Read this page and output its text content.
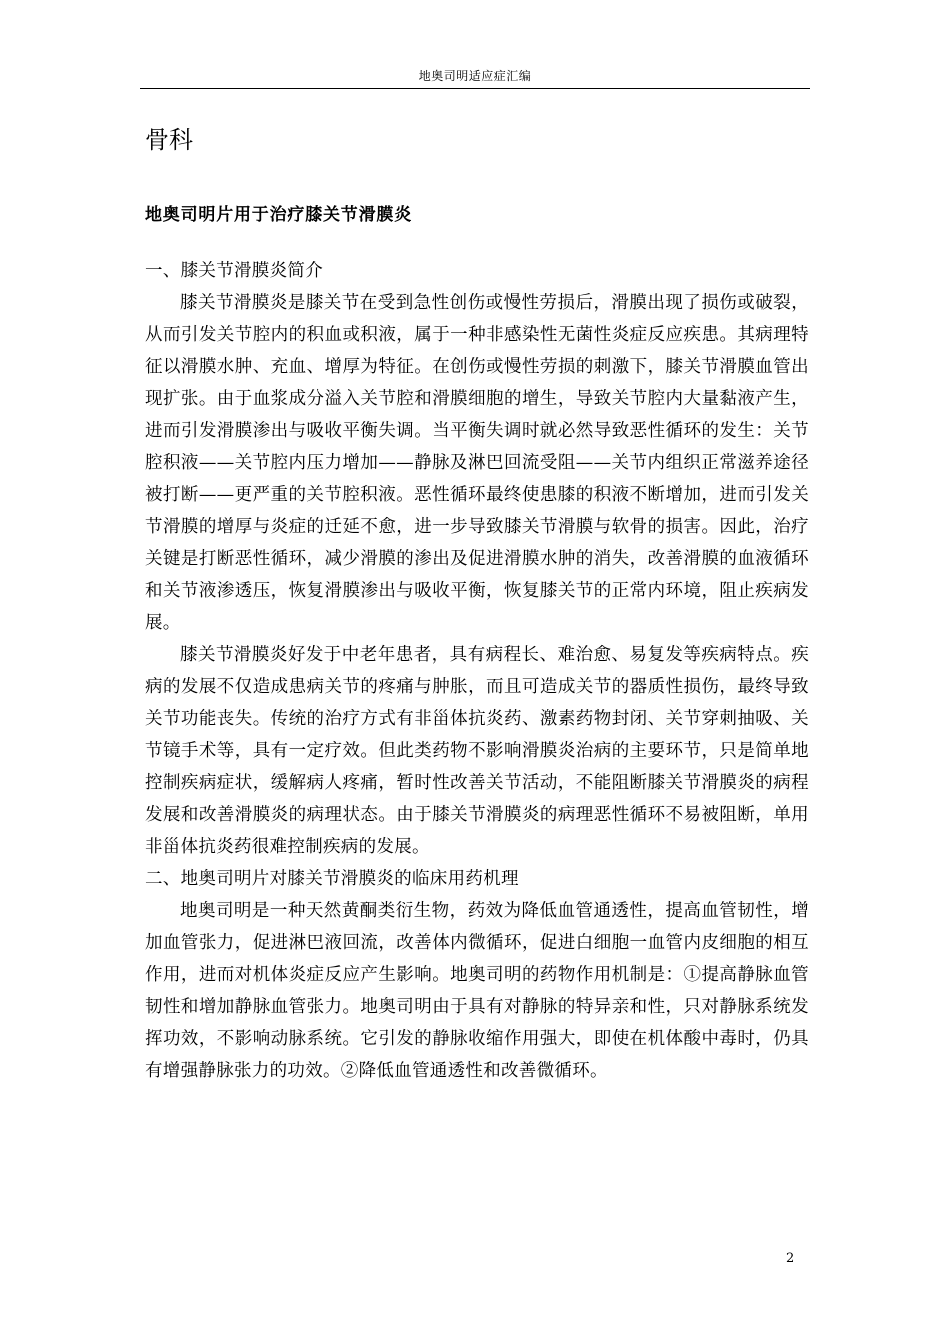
地奥司明适应症汇编
骨科
地奥司明片用于治疗膝关节滑膜炎

一、膝关节滑膜炎简介

膝关节滑膜炎是膝关节在受到急性创伤或慢性劳损后，滑膜出现了损伤或破裂，从而引发关节腔内的积血或积液，属于一种非感染性无菌性炎症反应疾患。其病理特征以滑膜水肿、充血、增厚为特征。在创伤或慢性劳损的刺激下，膝关节滑膜血管出现扩张。由于血浆成分溢入关节腔和滑膜细胞的增生，导致关节腔内大量黏液产生，进而引发滑膜渗出与吸收平衡失调。当平衡失调时就必然导致恶性循环的发生：关节腔积液——关节腔内压力增加——静脉及淋巴回流受阻——关节内组织正常滋养途径被打断——更严重的关节腔积液。恶性循环最终使患膝的积液不断增加，进而引发关节滑膜的增厚与炎症的迁延不愈，进一步导致膝关节滑膜与软骨的损害。因此，治疗关键是打断恶性循环，减少滑膜的渗出及促进滑膜水肿的消失，改善滑膜的血液循环和关节液渗透压，恢复滑膜渗出与吸收平衡，恢复膝关节的正常内环境，阻止疾病发展。

膝关节滑膜炎好发于中老年患者，具有病程长、难治愈、易复发等疾病特点。疾病的发展不仅造成患病关节的疼痛与肿胀，而且可造成关节的器质性损伤，最终导致关节功能丧失。传统的治疗方式有非甾体抗炎药、激素药物封闭、关节穿刺抽吸、关节镜手术等，具有一定疗效。但此类药物不影响滑膜炎治病的主要环节，只是简单地控制疾病症状，缓解病人疼痛，暂时性改善关节活动，不能阻断膝关节滑膜炎的病程发展和改善滑膜炎的病理状态。由于膝关节滑膜炎的病理恶性循环不易被阻断，单用非甾体抗炎药很难控制疾病的发展。

二、地奥司明片对膝关节滑膜炎的临床用药机理

地奥司明是一种天然黄酮类衍生物，药效为降低血管通透性，提高血管韧性，增加血管张力，促进淋巴液回流，改善体内微循环，促进白细胞一血管内皮细胞的相互作用，进而对机体炎症反应产生影响。地奥司明的药物作用机制是：①提高静脉血管韧性和增加静脉血管张力。地奥司明由于具有对静脉的特异亲和性，只对静脉系统发挥功效，不影响动脉系统。它引发的静脉收缩作用强大，即使在机体酸中毒时，仍具有增强静脉张力的功效。②降低血管通透性和改善微循环。

2
